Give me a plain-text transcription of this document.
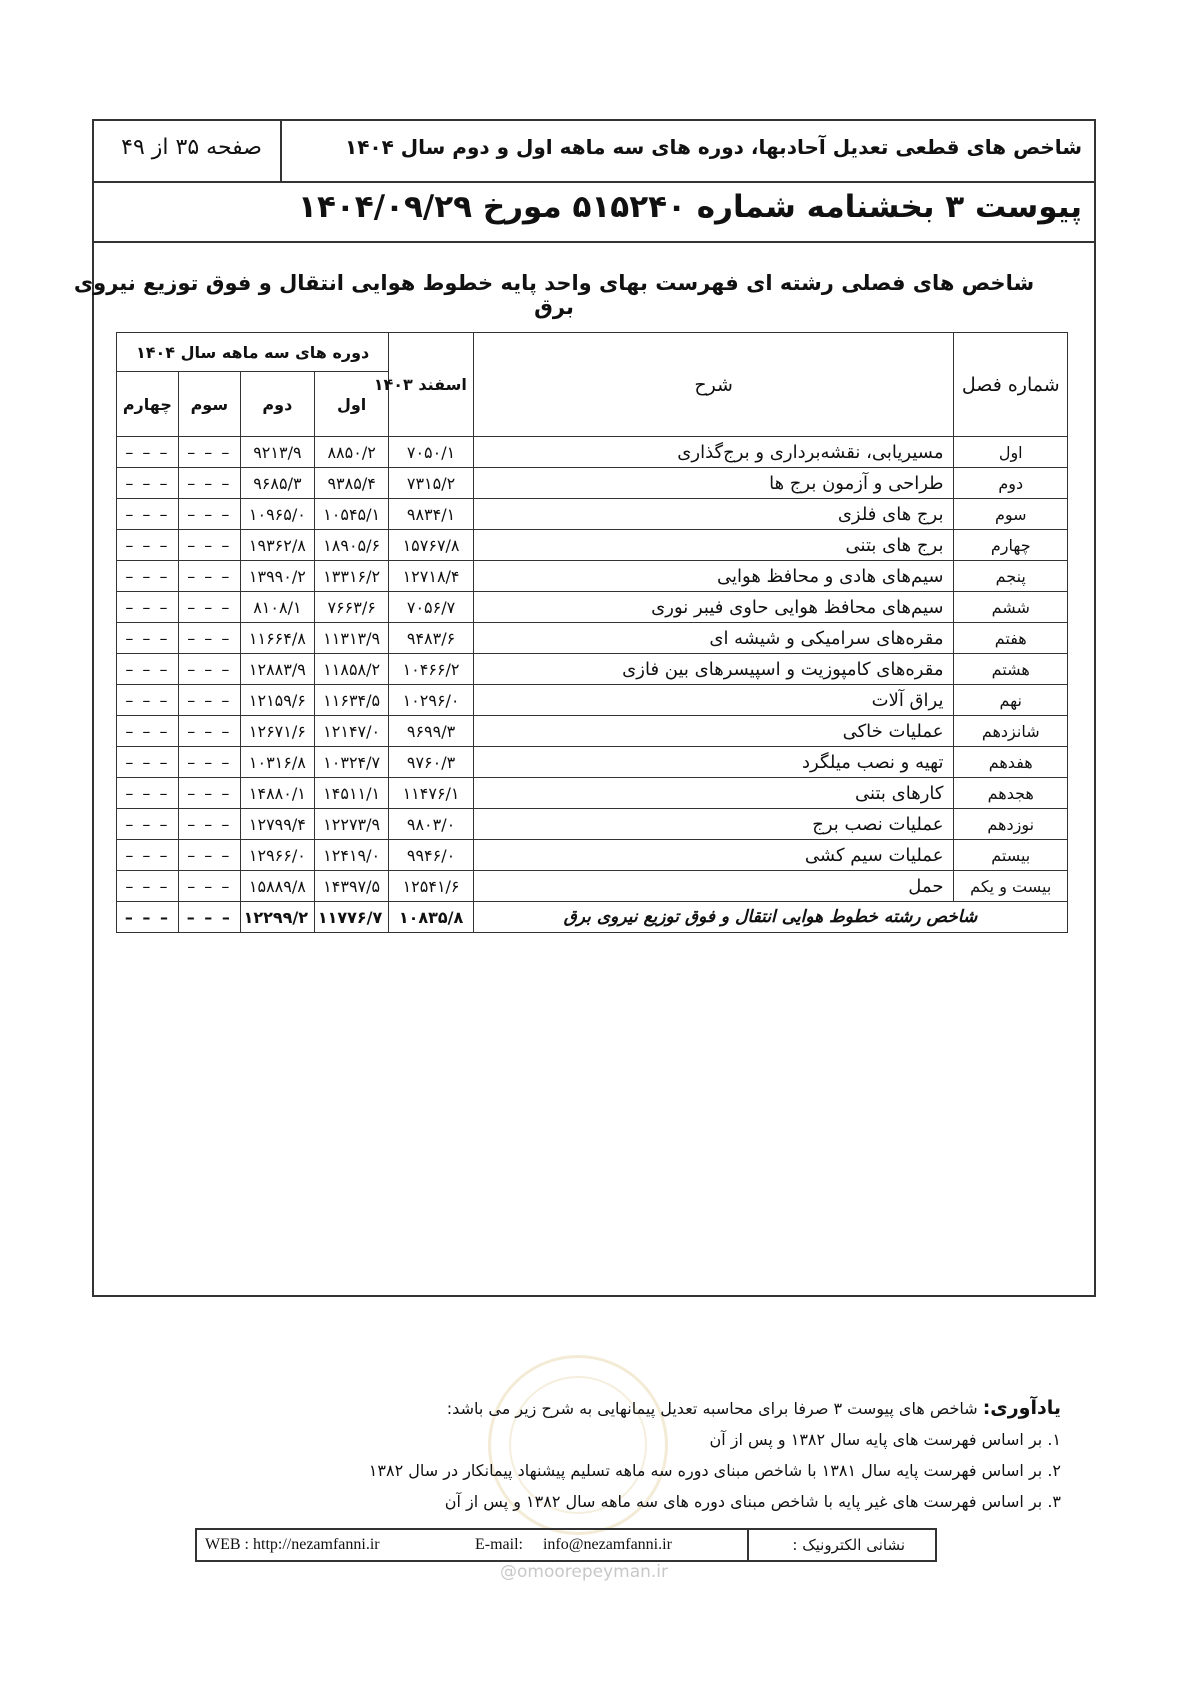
شاخص های قطعی تعدیل آحادبها، دوره های سه ماهه اول و دوم سال ۱۴۰۴
صفحه ۳۵ از ۴۹
پیوست ۳ بخشنامه شماره ۵۱۵۲۴۰ مورخ ۱۴۰۴/۰۹/۲۹
شاخص های فصلی رشته ای فهرست بهای واحد پایه خطوط هوایی انتقال و فوق توزیع نیروی برق
دوره های سه ماهه سال ۱۴۰۴				اسفند ۱۴۰۳	شرح	شماره فصل
چهارم	سوم	دوم	اول			
– – –	– – –	۹۲۱۳/۹	۸۸۵۰/۲	۷۰۵۰/۱	مسیریابی، نقشه‌برداری و برج‌گذاری	اول
– – –	– – –	۹۶۸۵/۳	۹۳۸۵/۴	۷۳۱۵/۲	طراحی و آزمون برج ها	دوم
– – –	– – –	۱۰۹۶۵/۰	۱۰۵۴۵/۱	۹۸۳۴/۱	برج های فلزی	سوم
– – –	– – –	۱۹۳۶۲/۸	۱۸۹۰۵/۶	۱۵۷۶۷/۸	برج های بتنی	چهارم
– – –	– – –	۱۳۹۹۰/۲	۱۳۳۱۶/۲	۱۲۷۱۸/۴	سیم‌های هادی و محافظ هوایی	پنجم
– – –	– – –	۸۱۰۸/۱	۷۶۶۳/۶	۷۰۵۶/۷	سیم‌های محافظ هوایی حاوی فیبر نوری	ششم
– – –	– – –	۱۱۶۶۴/۸	۱۱۳۱۳/۹	۹۴۸۳/۶	مقره‌های سرامیکی و شیشه ای	هفتم
– – –	– – –	۱۲۸۸۳/۹	۱۱۸۵۸/۲	۱۰۴۶۶/۲	مقره‌های کامپوزیت و اسپیسرهای بین فازی	هشتم
– – –	– – –	۱۲۱۵۹/۶	۱۱۶۳۴/۵	۱۰۲۹۶/۰	یراق آلات	نهم
– – –	– – –	۱۲۶۷۱/۶	۱۲۱۴۷/۰	۹۶۹۹/۳	عملیات خاکی	شانزدهم
– – –	– – –	۱۰۳۱۶/۸	۱۰۳۲۴/۷	۹۷۶۰/۳	تهیه و نصب میلگرد	هفدهم
– – –	– – –	۱۴۸۸۰/۱	۱۴۵۱۱/۱	۱۱۴۷۶/۱	کارهای بتنی	هجدهم
– – –	– – –	۱۲۷۹۹/۴	۱۲۲۷۳/۹	۹۸۰۳/۰	عملیات نصب برج	نوزدهم
– – –	– – –	۱۲۹۶۶/۰	۱۲۴۱۹/۰	۹۹۴۶/۰	عملیات سیم کشی	بیستم
– – –	– – –	۱۵۸۸۹/۸	۱۴۳۹۷/۵	۱۲۵۴۱/۶	حمل	بیست و یکم
– – –	– – –	۱۲۲۹۹/۲	۱۱۷۷۶/۷	۱۰۸۳۵/۸	شاخص رشته خطوط هوایی انتقال و فوق توزیع نیروی برق	
@omoorepeyman.ir
یادآوری: شاخص های پیوست ۳ صرفا برای محاسبه تعدیل پیمانهایی به شرح زیر می باشد:
۱. بر اساس فهرست های پایه سال ۱۳۸۲ و پس از آن
۲. بر اساس فهرست پایه سال ۱۳۸۱ با شاخص مبنای دوره سه ماهه تسلیم پیشنهاد پیمانکار در سال ۱۳۸۲
۳. بر اساس فهرست های غیر پایه با شاخص مبنای دوره های سه ماهه سال ۱۳۸۲ و پس از آن
نشانی الکترونیک :
WEB : http://nezamfanni.ir	E-mail: info@nezamfanni.ir
